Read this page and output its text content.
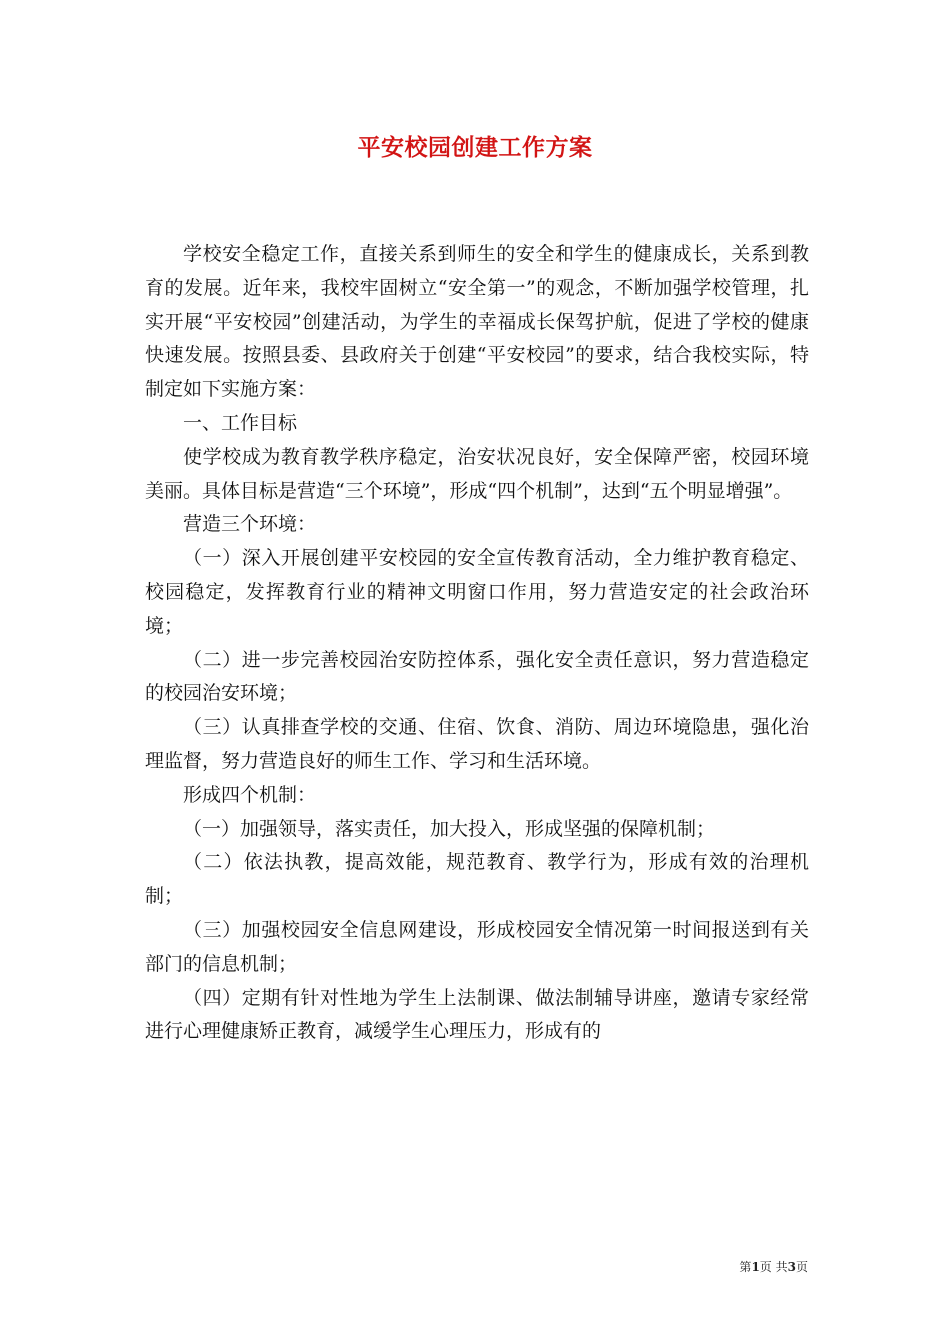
平安校园创建工作方案

学校安全稳定工作，直接关系到师生的安全和学生的健康成长，关系到教育的发展。近年来，我校牢固树立“安全第一”的观念，不断加强学校管理，扎实开展“平安校园”创建活动，为学生的幸福成长保驾护航，促进了学校的健康快速发展。按照县委、县政府关于创建“平安校园”的要求，结合我校实际，特制定如下实施方案：

一、工作目标

使学校成为教育教学秩序稳定，治安状况良好，安全保障严密，校园环境美丽。具体目标是营造“三个环境”，形成“四个机制”，达到“五个明显增强”。

营造三个环境：

（一）深入开展创建平安校园的安全宣传教育活动，全力维护教育稳定、校园稳定，发挥教育行业的精神文明窗口作用，努力营造安定的社会政治环境；

（二）进一步完善校园治安防控体系，强化安全责任意识，努力营造稳定的校园治安环境；

（三）认真排查学校的交通、住宿、饮食、消防、周边环境隐患，强化治理监督，努力营造良好的师生工作、学习和生活环境。

形成四个机制：

（一）加强领导，落实责任，加大投入，形成坚强的保障机制；

（二）依法执教，提高效能，规范教育、教学行为，形成有效的治理机制；

（三）加强校园安全信息网建设，形成校园安全情况第一时间报送到有关部门的信息机制；

（四）定期有针对性地为学生上法制课、做法制辅导讲座，邀请专家经常进行心理健康矫正教育，减缓学生心理压力，形成有的

第1页 共3页
